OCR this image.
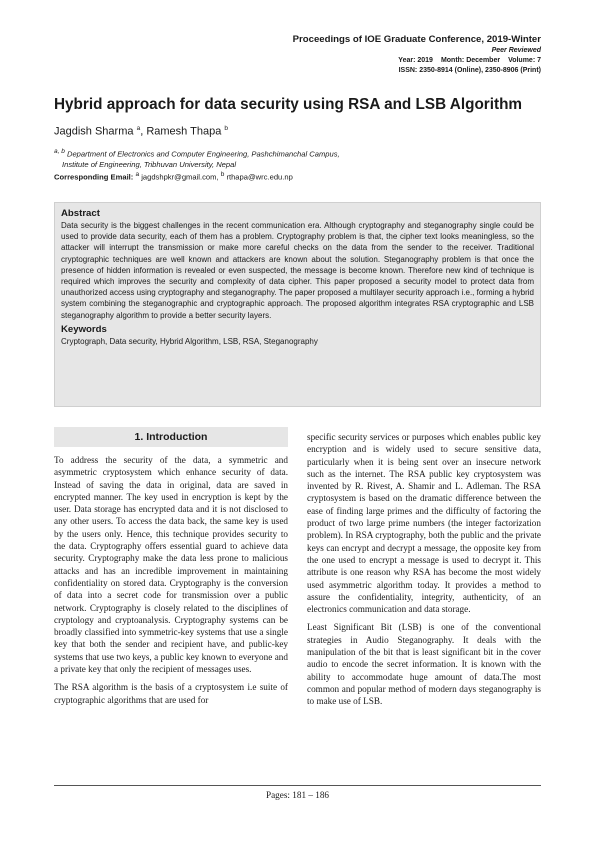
Proceedings of IOE Graduate Conference, 2019-Winter
Peer Reviewed
Year: 2019 Month: December Volume: 7
ISSN: 2350-8914 (Online), 2350-8906 (Print)
Hybrid approach for data security using RSA and LSB Algorithm
Jagdish Sharma $^a$, Ramesh Thapa $^b$
$^{a, b}$ Department of Electronics and Computer Engineering, Pashchimanchal Campus,
Institute of Engineering, Tribhuvan University, Nepal
Corresponding Email: $^a$ jagdshpkr@gmail.com, $^b$ rthapa@wrc.edu.np
Abstract

Data security is the biggest challenges in the recent communication era. Although cryptography and steganography single could be used to provide data security, each of them has a problem. Cryptography problem is that, the cipher text looks meaningless, so the attacker will interrupt the transmission or make more careful checks on the data from the sender to the receiver. Traditional cryptographic techniques are well known and attackers are known about the solution. Steganography problem is that once the presence of hidden information is revealed or even suspected, the message is become known. Therefore new kind of technique is required which improves the security and complexity of data cipher. This paper proposed a security model to protect data from unauthorized access using cryptography and steganography. The paper proposed a multilayer security approach i.e., forming a hybrid system combining the steganographic and cryptographic approach. The proposed algorithm integrates RSA cryptographic and LSB steganography algorithm to provide a better security layers.

Keywords
Cryptograph, Data security, Hybrid Algorithm, LSB, RSA, Steganography
1. Introduction

To address the security of the data, a symmetric and asymmetric cryptosystem which enhance security of data. Instead of saving the data in original, data are saved in encrypted manner. The key used in encryption is kept by the user. Data storage has encrypted data and it is not disclosed to any other users. To access the data back, the same key is used by the users only. Hence, this technique provides security to the data. Cryptography offers essential guard to achieve data security. Cryptography make the data less prone to malicious attacks and has an incredible improvement in maintaining confidentiality on stored data. Cryptography is the conversion of data into a secret code for transmission over a public network. Cryptography is closely related to the disciplines of cryptology and cryptoanalysis. Cryptography systems can be broadly classified into symmetric-key systems that use a single key that both the sender and recipient have, and public-key systems that use two keys, a public key known to everyone and a private key that only the recipient of messages uses.

The RSA algorithm is the basis of a cryptosystem i.e suite of cryptographic algorithms that are used for

specific security services or purposes which enables public key encryption and is widely used to secure sensitive data, particularly when it is being sent over an insecure network such as the internet. The RSA public key cryptosystem was invented by R. Rivest, A. Shamir and L. Adleman. The RSA cryptosystem is based on the dramatic difference between the ease of finding large primes and the difficulty of factoring the product of two large prime numbers (the integer factorization problem). In RSA cryptography, both the public and the private keys can encrypt and decrypt a message, the opposite key from the one used to encrypt a message is used to decrypt it. This attribute is one reason why RSA has become the most widely used asymmetric algorithm today. It provides a method to assure the confidentiality, integrity, authenticity, of an electronics communication and data storage.

Least Significant Bit (LSB) is one of the conventional strategies in Audio Steganography. It deals with the manipulation of the bit that is least significant bit in the cover audio to encode the secret information. It is known with the ability to accommodate huge amount of data.The most common and popular method of modern days steganography is to make use of LSB.

Pages: 181 – 186
